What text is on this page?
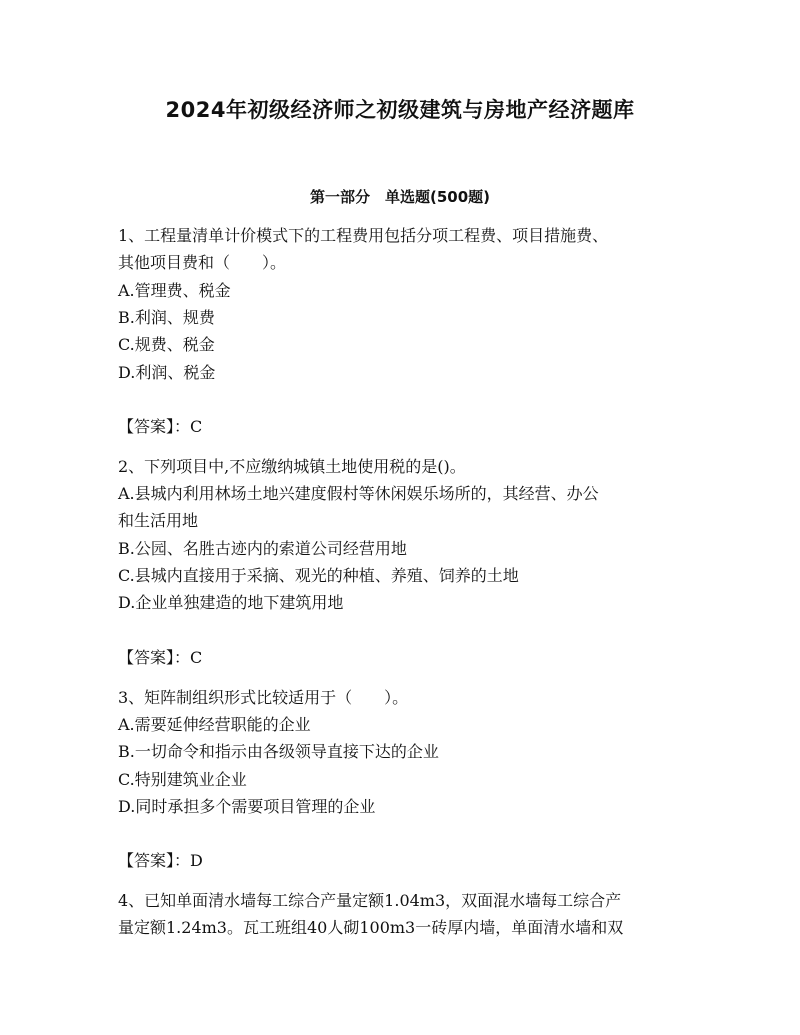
2024年初级经济师之初级建筑与房地产经济题库
第一部分　单选题(500题)
1、工程量清单计价模式下的工程费用包括分项工程费、项目措施费、
其他项目费和（　　）。
A.管理费、税金
B.利润、规费
C.规费、税金
D.利润、税金
【答案】：C
2、下列项目中,不应缴纳城镇土地使用税的是()。
A.县城内利用林场土地兴建度假村等休闲娱乐场所的，其经营、办公
和生活用地
B.公园、名胜古迹内的索道公司经营用地
C.县城内直接用于采摘、观光的种植、养殖、饲养的土地
D.企业单独建造的地下建筑用地
【答案】：C
3、矩阵制组织形式比较适用于（　　）。
A.需要延伸经营职能的企业
B.一切命令和指示由各级领导直接下达的企业
C.特别建筑业企业
D.同时承担多个需要项目管理的企业
【答案】：D
4、已知单面清水墙每工综合产量定额1.04m3，双面混水墙每工综合产
量定额1.24m3。瓦工班组40人砌100m3一砖厚内墙，单面清水墙和双
